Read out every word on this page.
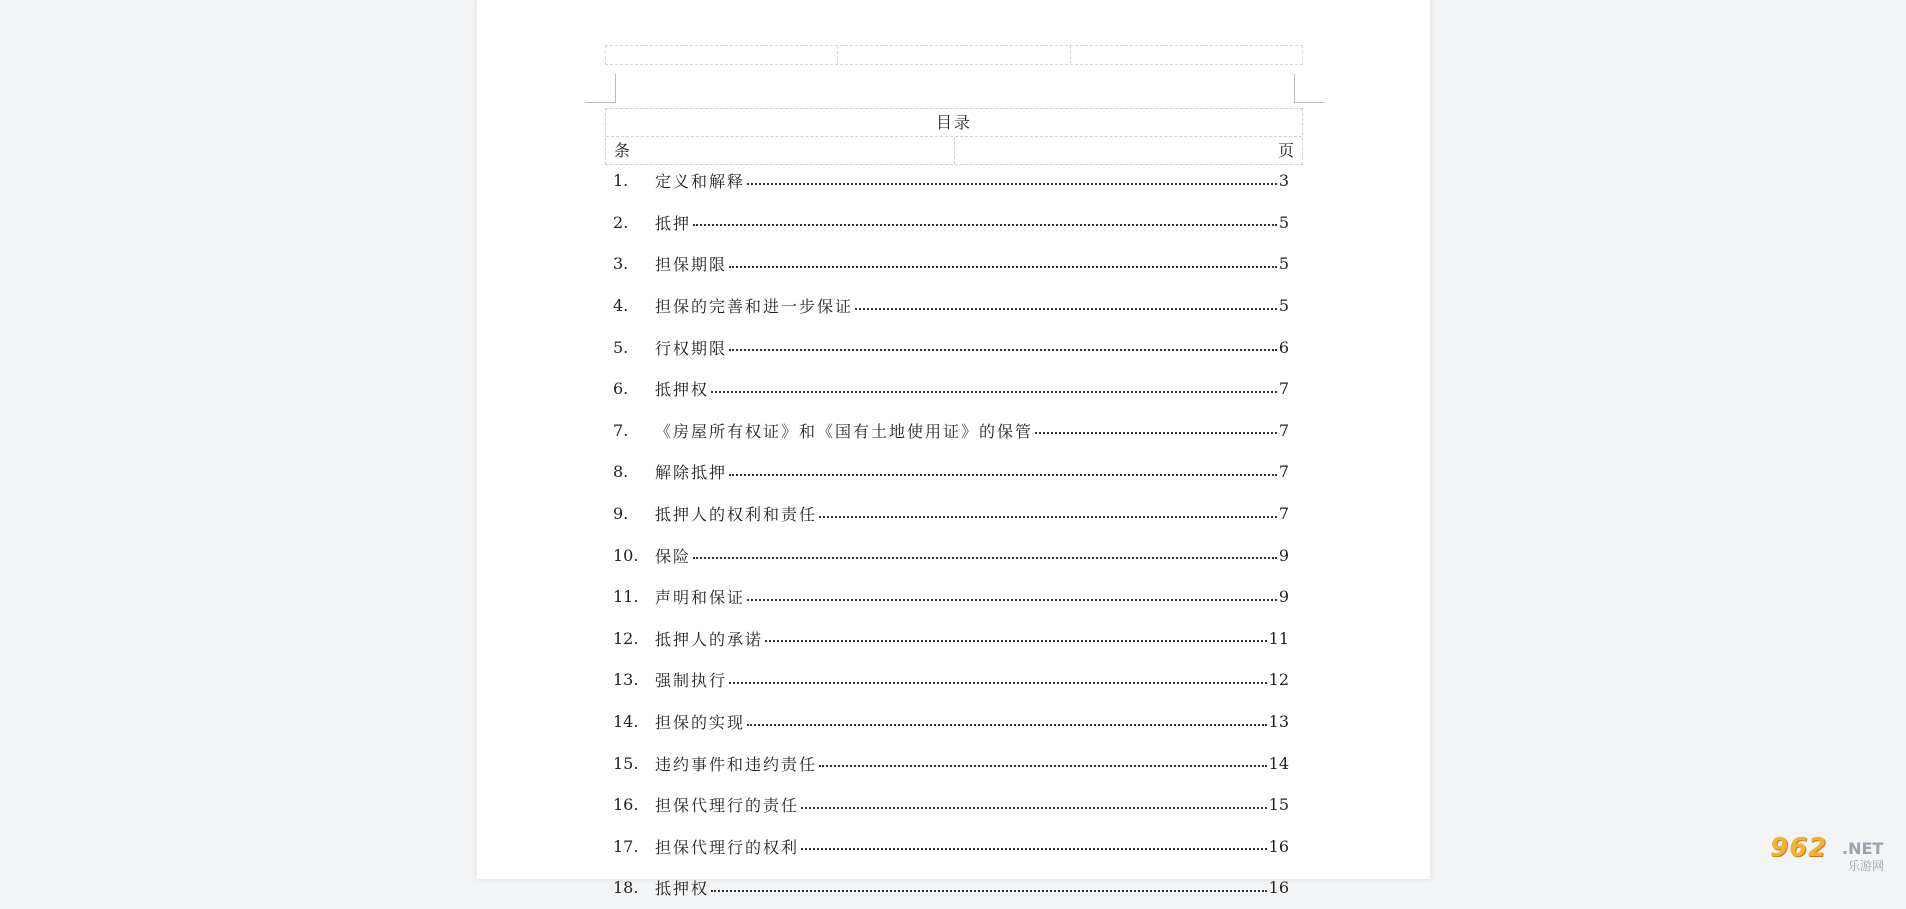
目录
条	页
1.	定义和解释	3
2.	抵押	5
3.	担保期限	5
4.	担保的完善和进一步保证	5
5.	行权期限	6
6.	抵押权	7
7.	《房屋所有权证》和《国有土地使用证》的保管	7
8.	解除抵押	7
9.	抵押人的权利和责任	7
10.	保险	9
11.	声明和保证	9
12.	抵押人的承诺	11
13.	强制执行	12
14.	担保的实现	13
15.	违约事件和违约责任	14
16.	担保代理行的责任	15
17.	担保代理行的权利	16
18.	抵押权	16
962 .NET
乐游网
